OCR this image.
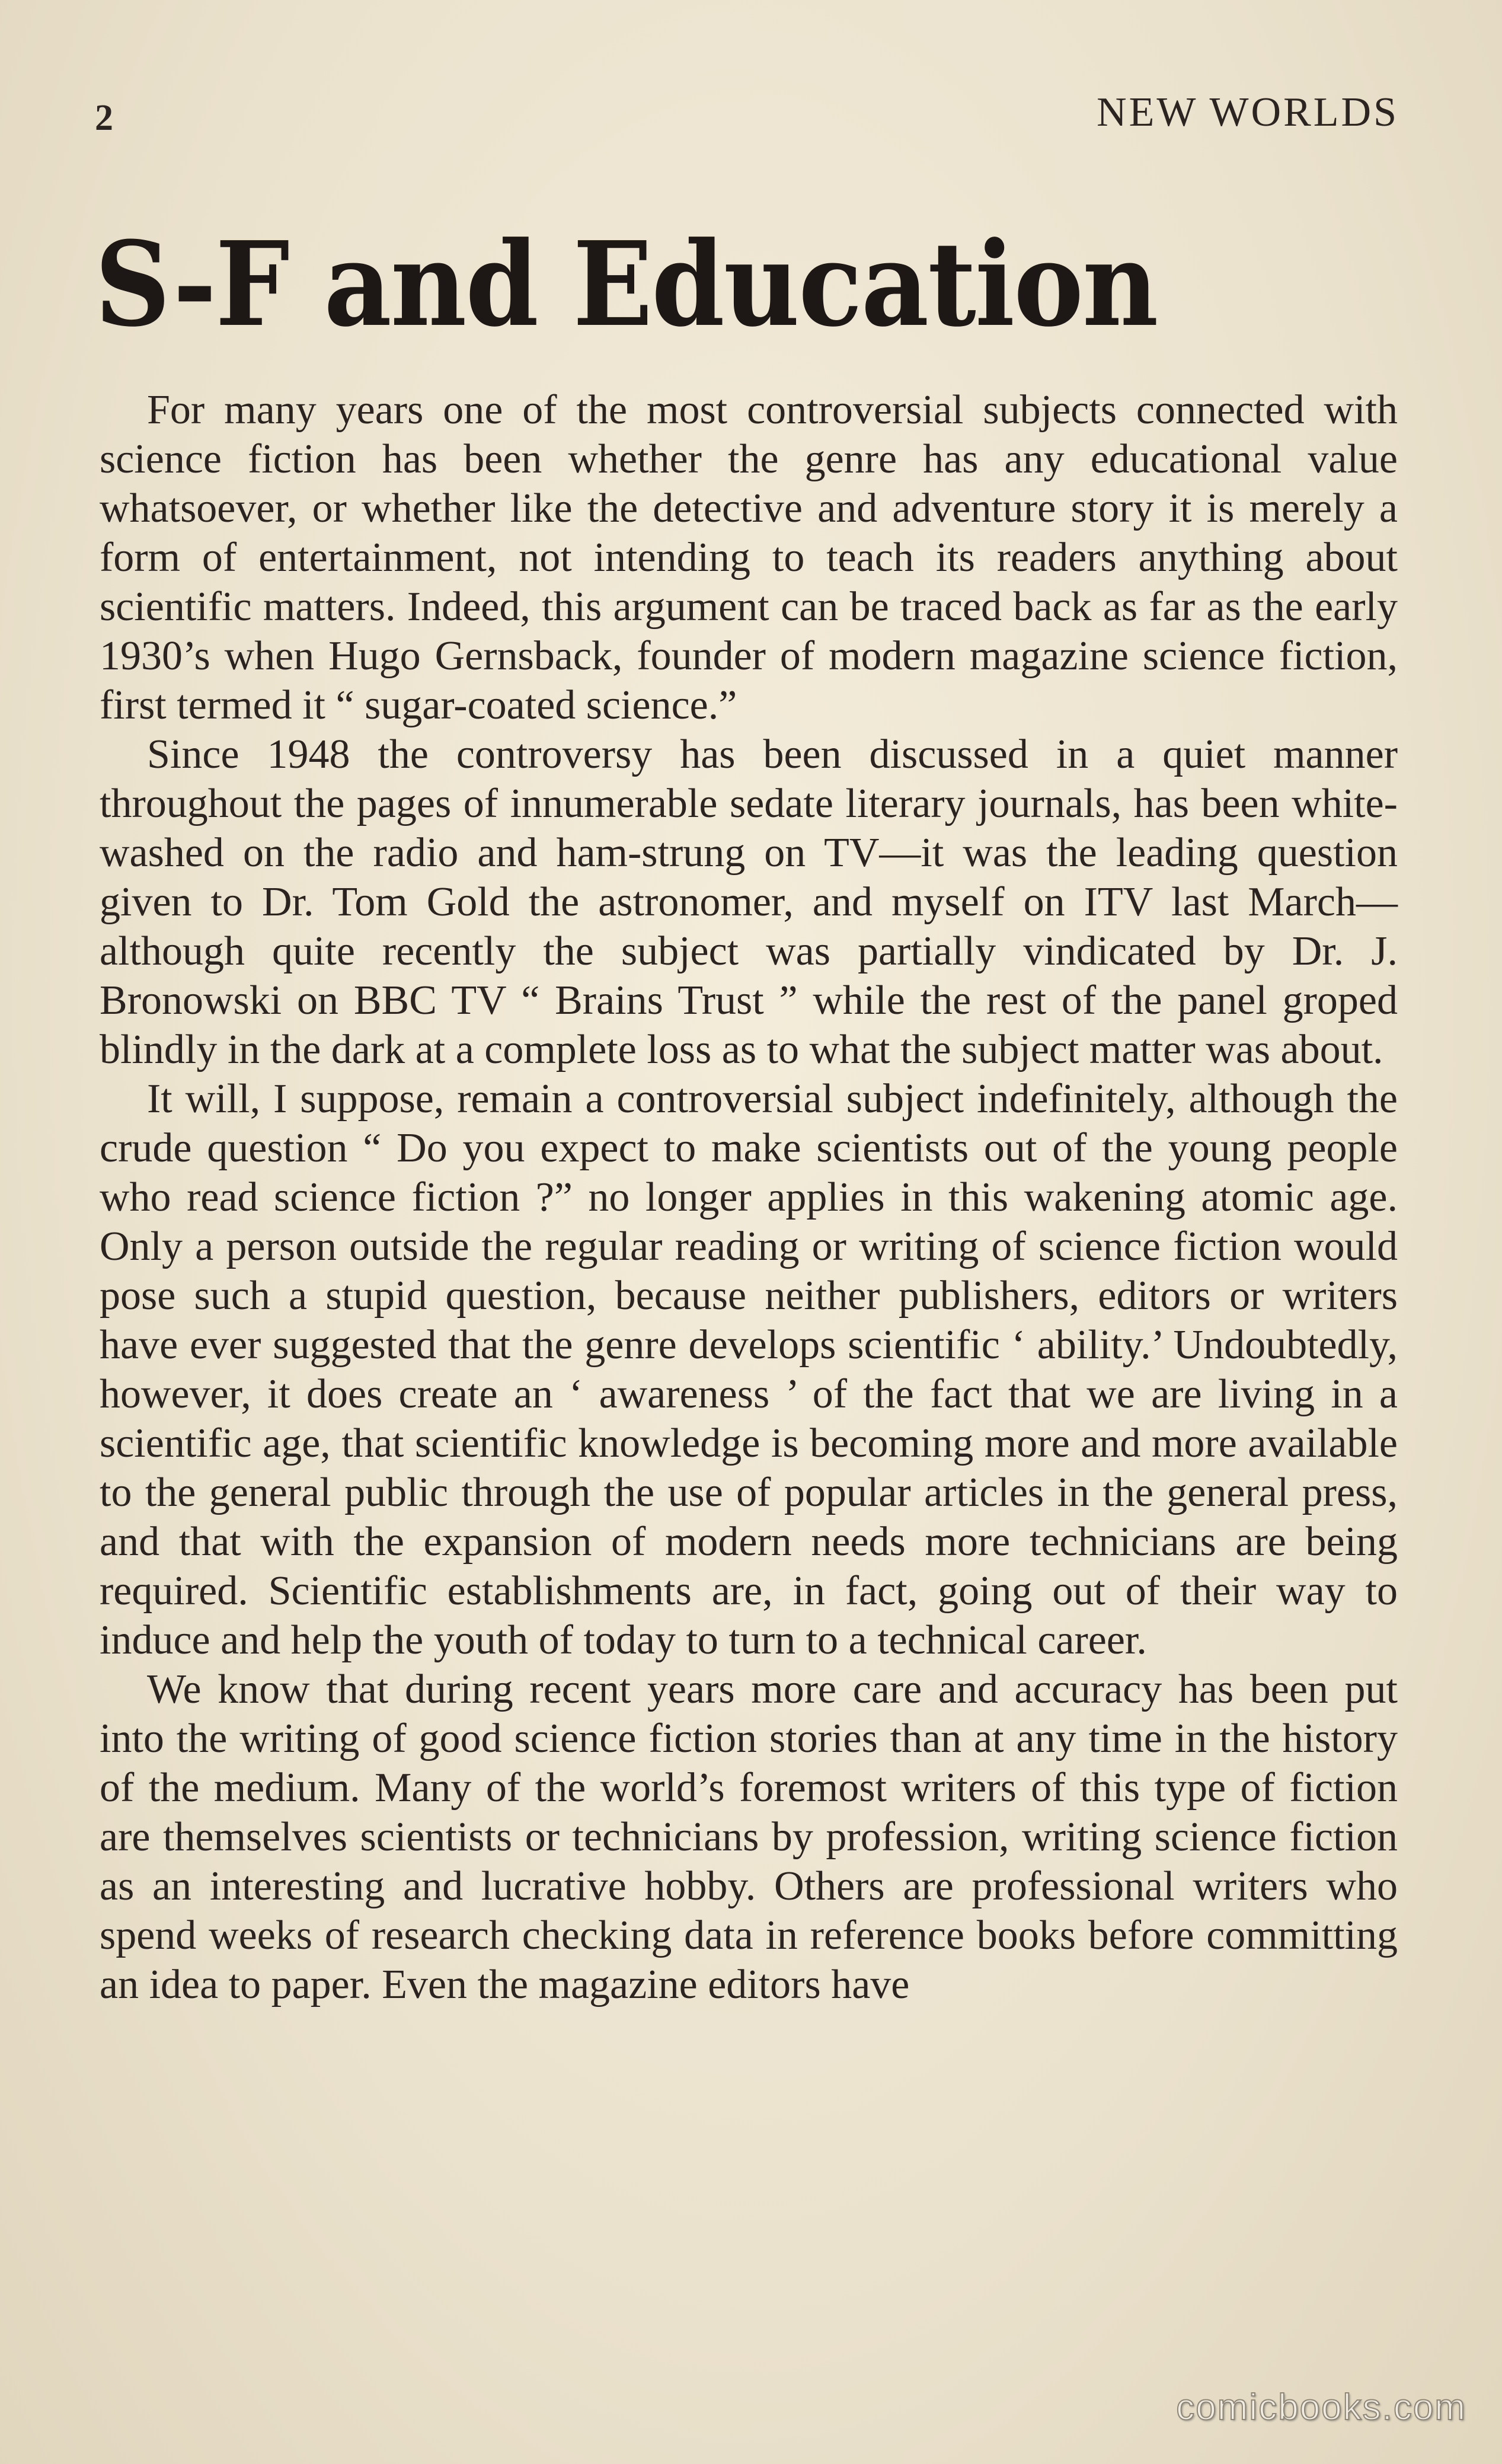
2	NEW WORLDS
S-F and Education

For many years one of the most controversial subjects connected with science fiction has been whether the genre has any educational value whatsoever, or whether like the detective and adventure story it is merely a form of entertainment, not intending to teach its readers anything about scientific matters. Indeed, this argument can be traced back as far as the early 1930’s when Hugo Gernsback, founder of modern magazine science fiction, first termed it “ sugar-coated science.”

Since 1948 the controversy has been discussed in a quiet manner throughout the pages of innumerable sedate literary journals, has been white-washed on the radio and ham-strung on TV—it was the leading question given to Dr. Tom Gold the astronomer, and myself on ITV last March—although quite recently the subject was partially vindicated by Dr. J. Bronowski on BBC TV “ Brains Trust ” while the rest of the panel groped blindly in the dark at a complete loss as to what the subject matter was about.

It will, I suppose, remain a controversial subject indefinitely, although the crude question “ Do you expect to make scientists out of the young people who read science fiction ?” no longer applies in this wakening atomic age. Only a person outside the regular reading or writing of science fiction would pose such a stupid question, because neither publishers, editors or writers have ever suggested that the genre develops scientific ‘ ability.’ Undoubtedly, however, it does create an ‘ awareness ’ of the fact that we are living in a scientific age, that scientific knowledge is becoming more and more available to the general public through the use of popular articles in the general press, and that with the expansion of modern needs more technicians are being required. Scientific establishments are, in fact, going out of their way to induce and help the youth of today to turn to a technical career.

We know that during recent years more care and accuracy has been put into the writing of good science fiction stories than at any time in the history of the medium. Many of the world’s foremost writers of this type of fiction are themselves scientists or technicians by profession, writing science fiction as an interesting and lucrative hobby. Others are professional writers who spend weeks of research checking data in reference books before committing an idea to paper. Even the magazine editors have

comicbooks.com
